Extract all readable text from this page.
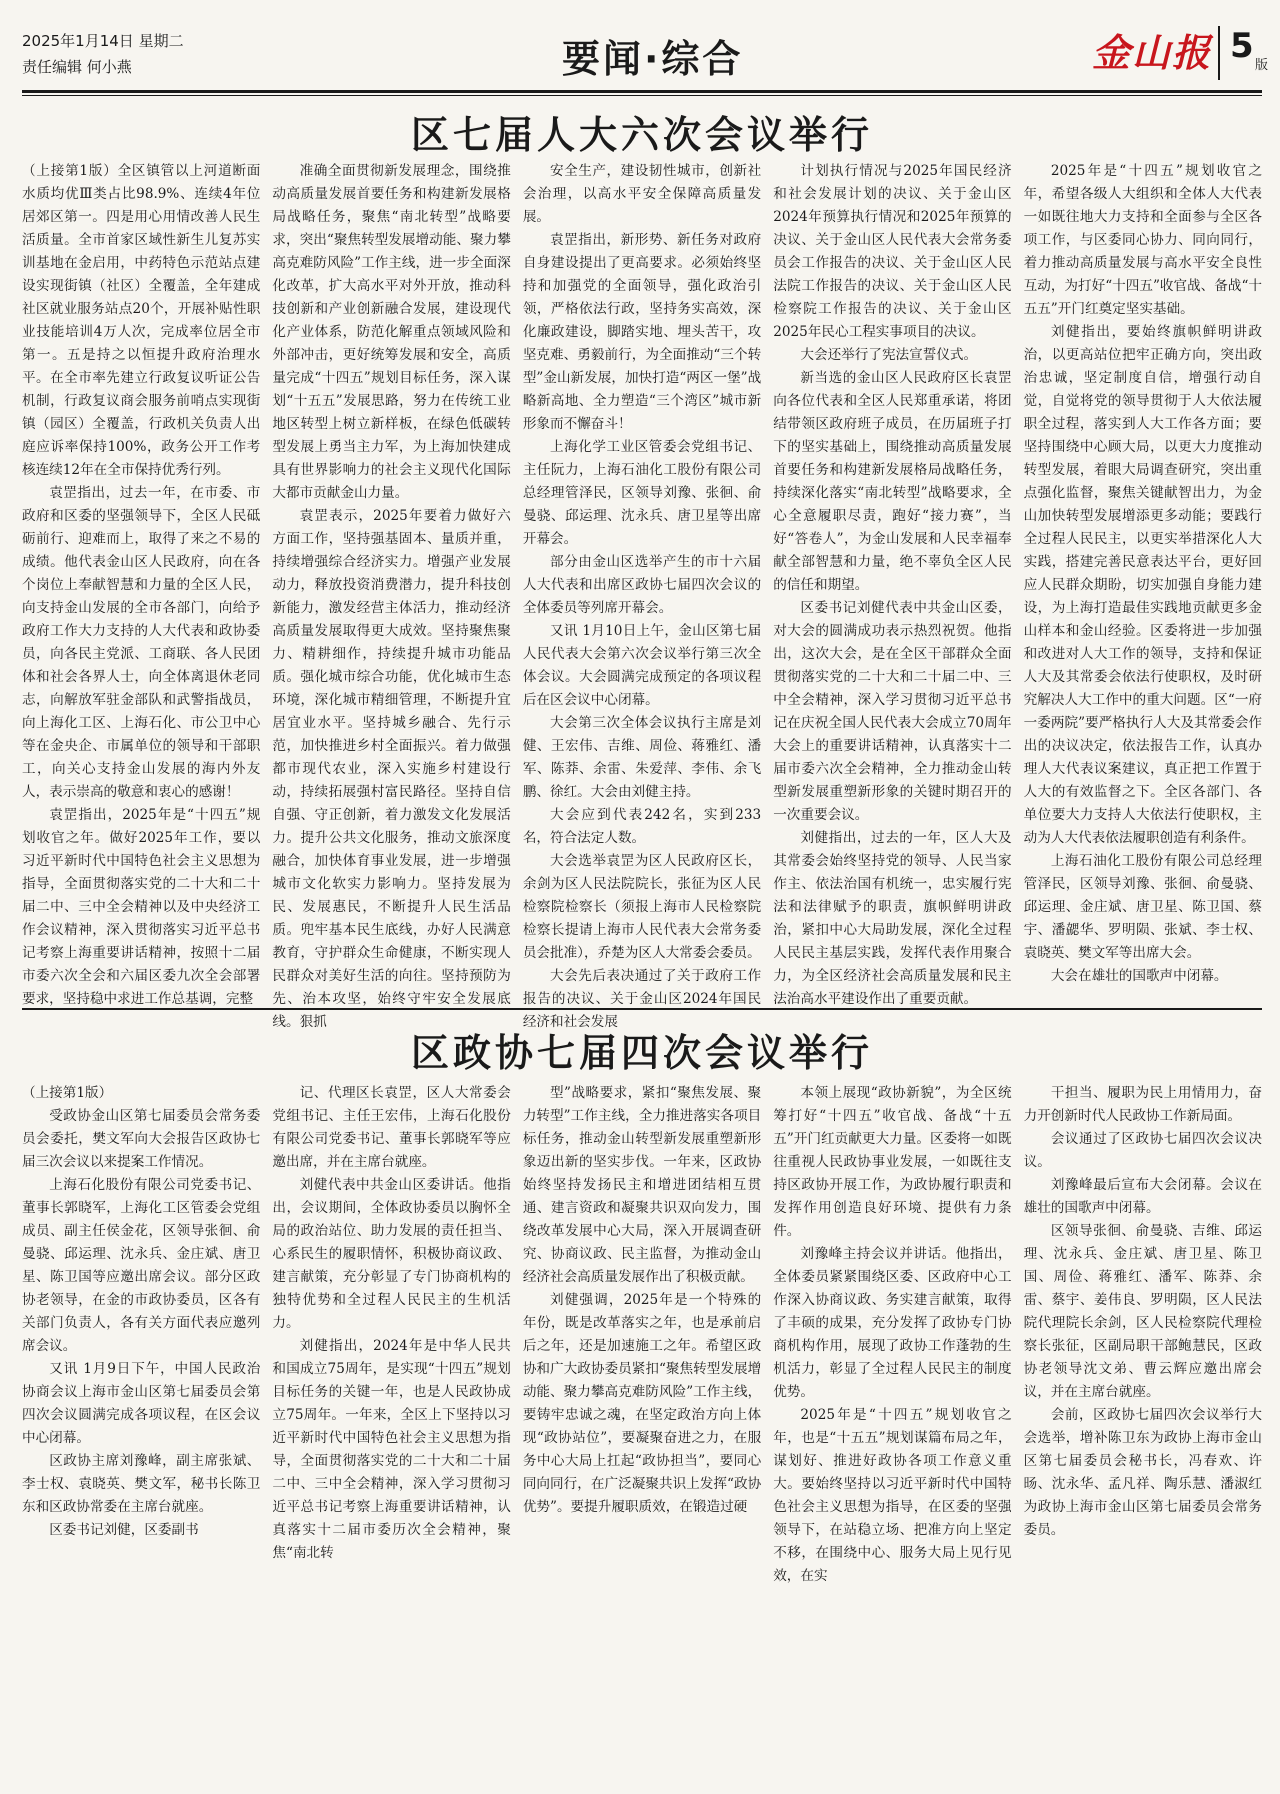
2025年1月14日 星期二
责任编辑 何小燕	要闻·综合	金山报 5 版
区七届人大六次会议举行

（上接第1版）全区镇管以上河道断面水质均优Ⅲ类占比98.9%、连续4年位居郊区第一。四是用心用情改善人民生活质量。全市首家区域性新生儿复苏实训基地在金启用，中药特色示范站点建设实现街镇（社区）全覆盖，全年建成社区就业服务站点20个，开展补贴性职业技能培训4万人次，完成率位居全市第一。五是持之以恒提升政府治理水平。在全市率先建立行政复议听证公告机制，行政复议商会服务前哨点实现街镇（园区）全覆盖，行政机关负责人出庭应诉率保持100%，政务公开工作考核连续12年在全市保持优秀行列。

袁罡指出，过去一年，在市委、市政府和区委的坚强领导下，全区人民砥砺前行、迎难而上，取得了来之不易的成绩。他代表金山区人民政府，向在各个岗位上奉献智慧和力量的全区人民，向支持金山发展的全市各部门，向给予政府工作大力支持的人大代表和政协委员，向各民主党派、工商联、各人民团体和社会各界人士，向全体离退休老同志，向解放军驻金部队和武警指战员，向上海化工区、上海石化、市公卫中心等在金央企、市属单位的领导和干部职工，向关心支持金山发展的海内外友人，表示崇高的敬意和衷心的感谢！

袁罡指出，2025年是“十四五”规划收官之年。做好2025年工作，要以习近平新时代中国特色社会主义思想为指导，全面贯彻落实党的二十大和二十届二中、三中全会精神以及中央经济工作会议精神，深入贯彻落实习近平总书记考察上海重要讲话精神，按照十二届市委六次全会和六届区委九次全会部署要求，坚持稳中求进工作总基调，完整

准确全面贯彻新发展理念，围绕推动高质量发展首要任务和构建新发展格局战略任务，聚焦“南北转型”战略要求，突出“聚焦转型发展增动能、聚力攀高克难防风险”工作主线，进一步全面深化改革，扩大高水平对外开放，推动科技创新和产业创新融合发展，建设现代化产业体系，防范化解重点领域风险和外部冲击，更好统筹发展和安全，高质量完成“十四五”规划目标任务，深入谋划“十五五”发展思路，努力在传统工业地区转型上树立新样板，在绿色低碳转型发展上勇当主力军，为上海加快建成具有世界影响力的社会主义现代化国际大都市贡献金山力量。

袁罡表示，2025年要着力做好六方面工作，坚持强基固本、量质并重，持续增强综合经济实力。增强产业发展动力，释放投资消费潜力，提升科技创新能力，激发经营主体活力，推动经济高质量发展取得更大成效。坚持聚焦聚力、精耕细作，持续提升城市功能品质。强化城市综合功能，优化城市生态环境，深化城市精细管理，不断提升宜居宜业水平。坚持城乡融合、先行示范，加快推进乡村全面振兴。着力做强都市现代农业，深入实施乡村建设行动，持续拓展强村富民路径。坚持自信自强、守正创新，着力激发文化发展活力。提升公共文化服务，推动文旅深度融合，加快体育事业发展，进一步增强城市文化软实力影响力。坚持发展为民、发展惠民，不断提升人民生活品质。兜牢基本民生底线，办好人民满意教育，守护群众生命健康，不断实现人民群众对美好生活的向往。坚持预防为先、治本攻坚，始终守牢安全发展底线。狠抓

安全生产，建设韧性城市，创新社会治理，以高水平安全保障高质量发展。

袁罡指出，新形势、新任务对政府自身建设提出了更高要求。必须始终坚持和加强党的全面领导，强化政治引领，严格依法行政，坚持务实高效，深化廉政建设，脚踏实地、埋头苦干，攻坚克难、勇毅前行，为全面推动“三个转型”金山新发展，加快打造“两区一堡”战略新高地、全力塑造“三个湾区”城市新形象而不懈奋斗！

上海化学工业区管委会党组书记、主任阮力，上海石油化工股份有限公司总经理管泽民，区领导刘豫、张徊、俞曼骁、邱运理、沈永兵、唐卫星等出席开幕会。

部分由金山区选举产生的市十六届人大代表和出席区政协七届四次会议的全体委员等列席开幕会。

又讯 1月10日上午，金山区第七届人民代表大会第六次会议举行第三次全体会议。大会圆满完成预定的各项议程后在区会议中心闭幕。

大会第三次全体会议执行主席是刘健、王宏伟、吉维、周俭、蒋雅红、潘军、陈莽、余雷、朱爱萍、李伟、余飞鹏、徐红。大会由刘健主持。

大会应到代表242名，实到233名，符合法定人数。

大会选举袁罡为区人民政府区长，余剑为区人民法院院长，张征为区人民检察院检察长（须报上海市人民检察院检察长提请上海市人民代表大会常务委员会批准），乔楚为区人大常委会委员。

大会先后表决通过了关于政府工作报告的决议、关于金山区2024年国民经济和社会发展

计划执行情况与2025年国民经济和社会发展计划的决议、关于金山区2024年预算执行情况和2025年预算的决议、关于金山区人民代表大会常务委员会工作报告的决议、关于金山区人民法院工作报告的决议、关于金山区人民检察院工作报告的决议、关于金山区2025年民心工程实事项目的决议。

大会还举行了宪法宣誓仪式。

新当选的金山区人民政府区长袁罡向各位代表和全区人民郑重承诺，将团结带领区政府班子成员，在历届班子打下的坚实基础上，围绕推动高质量发展首要任务和构建新发展格局战略任务，持续深化落实“南北转型”战略要求，全心全意履职尽责，跑好“接力赛”，当好“答卷人”，为金山发展和人民幸福奉献全部智慧和力量，绝不辜负全区人民的信任和期望。

区委书记刘健代表中共金山区委，对大会的圆满成功表示热烈祝贺。他指出，这次大会，是在全区干部群众全面贯彻落实党的二十大和二十届二中、三中全会精神，深入学习贯彻习近平总书记在庆祝全国人民代表大会成立70周年大会上的重要讲话精神，认真落实十二届市委六次全会精神，全力推动金山转型新发展重塑新形象的关键时期召开的一次重要会议。

刘健指出，过去的一年，区人大及其常委会始终坚持党的领导、人民当家作主、依法治国有机统一，忠实履行宪法和法律赋予的职责，旗帜鲜明讲政治，紧扣中心大局助发展，深化全过程人民民主基层实践，发挥代表作用聚合力，为全区经济社会高质量发展和民主法治高水平建设作出了重要贡献。

2025年是“十四五”规划收官之年，希望各级人大组织和全体人大代表一如既往地大力支持和全面参与全区各项工作，与区委同心协力、同向同行，着力推动高质量发展与高水平安全良性互动，为打好“十四五”收官战、备战“十五五”开门红奠定坚实基础。

刘健指出，要始终旗帜鲜明讲政治，以更高站位把牢正确方向，突出政治忠诚，坚定制度自信，增强行动自觉，自觉将党的领导贯彻于人大依法履职全过程，落实到人大工作各方面；要坚持围绕中心顾大局，以更大力度推动转型发展，着眼大局调查研究，突出重点强化监督，聚焦关键献智出力，为金山加快转型发展增添更多动能；要践行全过程人民民主，以更实举措深化人大实践，搭建完善民意表达平台，更好回应人民群众期盼，切实加强自身能力建设，为上海打造最佳实践地贡献更多金山样本和金山经验。区委将进一步加强和改进对人大工作的领导，支持和保证人大及其常委会依法行使职权，及时研究解决人大工作中的重大问题。区“一府一委两院”要严格执行人大及其常委会作出的决议决定，依法报告工作，认真办理人大代表议案建议，真正把工作置于人大的有效监督之下。全区各部门、各单位要大力支持人大依法行使职权，主动为人大代表依法履职创造有利条件。

上海石油化工股份有限公司总经理管泽民，区领导刘豫、张徊、俞曼骁、邱运理、金庄斌、唐卫星、陈卫国、蔡宇、潘勰华、罗明陨、张斌、李士权、袁晓英、樊文军等出席大会。

大会在雄壮的国歌声中闭幕。

区政协七届四次会议举行

（上接第1版）

受政协金山区第七届委员会常务委员会委托，樊文军向大会报告区政协七届三次会议以来提案工作情况。

上海石化股份有限公司党委书记、董事长郭晓军，上海化工区管委会党组成员、副主任侯金花，区领导张徊、俞曼骁、邱运理、沈永兵、金庄斌、唐卫星、陈卫国等应邀出席会议。部分区政协老领导，在金的市政协委员，区各有关部门负责人，各有关方面代表应邀列席会议。

又讯 1月9日下午，中国人民政治协商会议上海市金山区第七届委员会第四次会议圆满完成各项议程，在区会议中心闭幕。

区政协主席刘豫峰，副主席张斌、李士权、袁晓英、樊文军，秘书长陈卫东和区政协常委在主席台就座。

区委书记刘健，区委副书

记、代理区长袁罡，区人大常委会党组书记、主任王宏伟，上海石化股份有限公司党委书记、董事长郭晓军等应邀出席，并在主席台就座。

刘健代表中共金山区委讲话。他指出，会议期间，全体政协委员以胸怀全局的政治站位、助力发展的责任担当、心系民生的履职情怀，积极协商议政、建言献策，充分彰显了专门协商机构的独特优势和全过程人民民主的生机活力。

刘健指出，2024年是中华人民共和国成立75周年，是实现“十四五”规划目标任务的关键一年，也是人民政协成立75周年。一年来，全区上下坚持以习近平新时代中国特色社会主义思想为指导，全面贯彻落实党的二十大和二十届二中、三中全会精神，深入学习贯彻习近平总书记考察上海重要讲话精神，认真落实十二届市委历次全会精神，聚焦“南北转

型”战略要求，紧扣“聚焦发展、聚力转型”工作主线，全力推进落实各项目标任务，推动金山转型新发展重塑新形象迈出新的坚实步伐。一年来，区政协始终坚持发扬民主和增进团结相互贯通、建言资政和凝聚共识双向发力，围绕改革发展中心大局，深入开展调查研究、协商议政、民主监督，为推动金山经济社会高质量发展作出了积极贡献。

刘健强调，2025年是一个特殊的年份，既是改革落实之年，也是承前启后之年，还是加速施工之年。希望区政协和广大政协委员紧扣“聚焦转型发展增动能、聚力攀高克难防风险”工作主线，要铸牢忠诚之魂，在坚定政治方向上体现“政协站位”，要凝聚奋进之力，在服务中心大局上扛起“政协担当”，要同心同向同行，在广泛凝聚共识上发挥“政协优势”。要提升履职质效，在锻造过硬

本领上展现“政协新貌”，为全区统筹打好“十四五”收官战、备战“十五五”开门红贡献更大力量。区委将一如既往重视人民政协事业发展，一如既往支持区政协开展工作，为政协履行职责和发挥作用创造良好环境、提供有力条件。

刘豫峰主持会议并讲话。他指出，全体委员紧紧围绕区委、区政府中心工作深入协商议政、务实建言献策，取得了丰硕的成果，充分发挥了政协专门协商机构作用，展现了政协工作蓬勃的生机活力，彰显了全过程人民民主的制度优势。

2025年是“十四五”规划收官之年，也是“十五五”规划谋篇布局之年，谋划好、推进好政协各项工作意义重大。要始终坚持以习近平新时代中国特色社会主义思想为指导，在区委的坚强领导下，在站稳立场、把准方向上坚定不移，在围绕中心、服务大局上见行见效，在实

干担当、履职为民上用情用力，奋力开创新时代人民政协工作新局面。

会议通过了区政协七届四次会议决议。

刘豫峰最后宣布大会闭幕。会议在雄壮的国歌声中闭幕。

区领导张徊、俞曼骁、吉维、邱运理、沈永兵、金庄斌、唐卫星、陈卫国、周俭、蒋雅红、潘军、陈莽、余雷、蔡宇、姜伟良、罗明陨，区人民法院代理院长余剑，区人民检察院代理检察长张征，区副局职干部鲍慧民，区政协老领导沈文弟、曹云辉应邀出席会议，并在主席台就座。

会前，区政协七届四次会议举行大会选举，增补陈卫东为政协上海市金山区第七届委员会秘书长，冯春欢、许旸、沈永华、孟凡祥、陶乐慧、潘淑红为政协上海市金山区第七届委员会常务委员。
